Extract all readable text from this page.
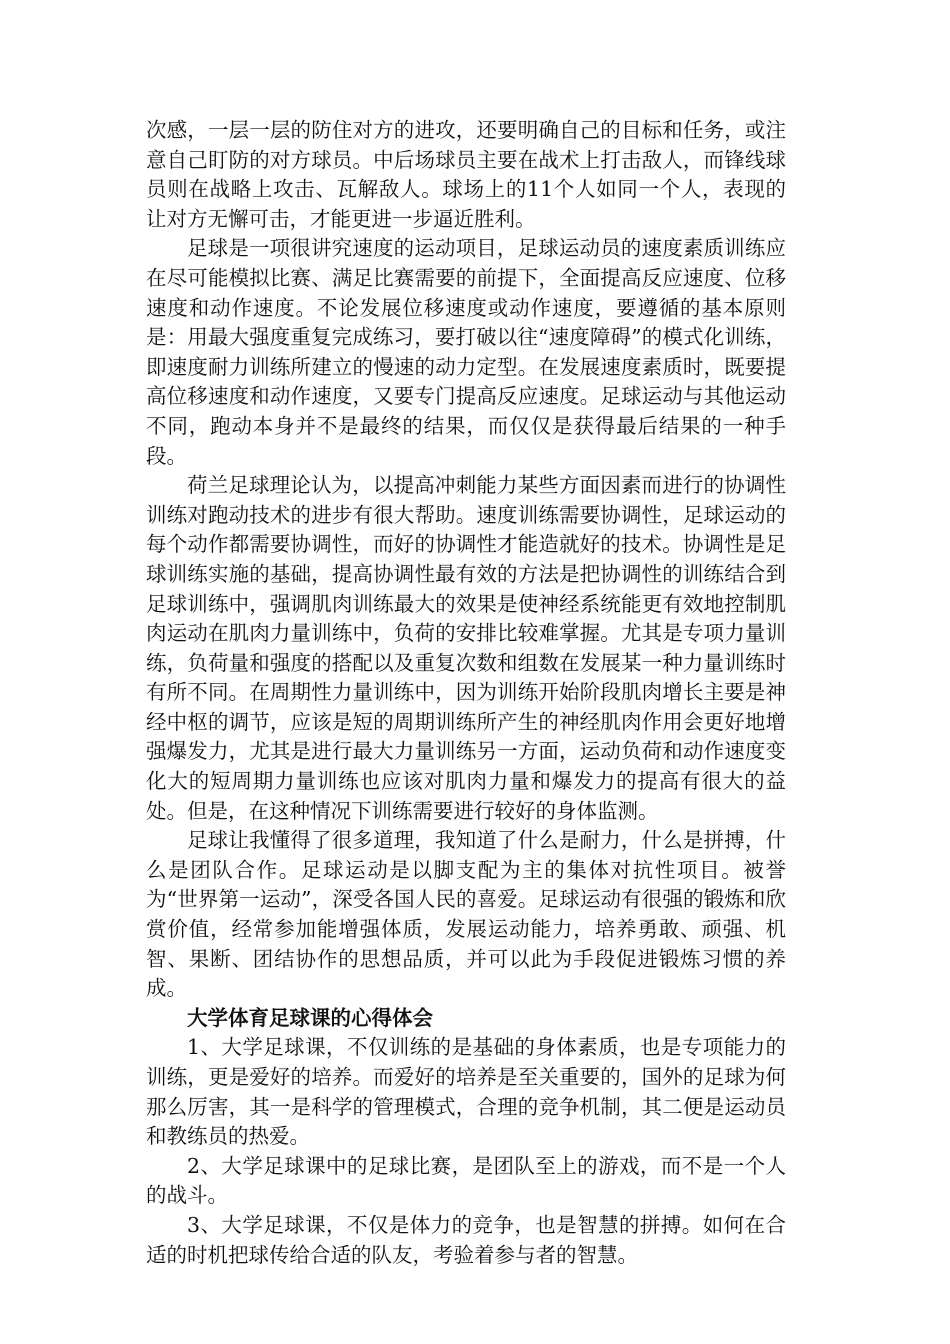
次感，一层一层的防住对方的进攻，还要明确自己的目标和任务，或注意自己盯防的对方球员。中后场球员主要在战术上打击敌人，而锋线球员则在战略上攻击、瓦解敌人。球场上的11个人如同一个人，表现的让对方无懈可击，才能更进一步逼近胜利。

足球是一项很讲究速度的运动项目，足球运动员的速度素质训练应在尽可能模拟比赛、满足比赛需要的前提下，全面提高反应速度、位移速度和动作速度。不论发展位移速度或动作速度，要遵循的基本原则是：用最大强度重复完成练习，要打破以往“速度障碍”的模式化训练，即速度耐力训练所建立的慢速的动力定型。在发展速度素质时，既要提高位移速度和动作速度，又要专门提高反应速度。足球运动与其他运动不同，跑动本身并不是最终的结果，而仅仅是获得最后结果的一种手段。

荷兰足球理论认为，以提高冲刺能力某些方面因素而进行的协调性训练对跑动技术的进步有很大帮助。速度训练需要协调性，足球运动的每个动作都需要协调性，而好的协调性才能造就好的技术。协调性是足球训练实施的基础，提高协调性最有效的方法是把协调性的训练结合到足球训练中，强调肌肉训练最大的效果是使神经系统能更有效地控制肌肉运动在肌肉力量训练中，负荷的安排比较难掌握。尤其是专项力量训练，负荷量和强度的搭配以及重复次数和组数在发展某一种力量训练时有所不同。在周期性力量训练中，因为训练开始阶段肌肉增长主要是神经中枢的调节，应该是短的周期训练所产生的神经肌肉作用会更好地增强爆发力，尤其是进行最大力量训练另一方面，运动负荷和动作速度变化大的短周期力量训练也应该对肌肉力量和爆发力的提高有很大的益处。但是，在这种情况下训练需要进行较好的身体监测。

足球让我懂得了很多道理，我知道了什么是耐力，什么是拼搏，什么是团队合作。足球运动是以脚支配为主的集体对抗性项目。被誉为“世界第一运动”，深受各国人民的喜爱。足球运动有很强的锻炼和欣赏价值，经常参加能增强体质，发展运动能力，培养勇敢、顽强、机智、果断、团结协作的思想品质，并可以此为手段促进锻炼习惯的养成。

大学体育足球课的心得体会

1、大学足球课，不仅训练的是基础的身体素质，也是专项能力的训练，更是爱好的培养。而爱好的培养是至关重要的，国外的足球为何那么厉害，其一是科学的管理模式，合理的竞争机制，其二便是运动员和教练员的热爱。

2、大学足球课中的足球比赛，是团队至上的游戏，而不是一个人的战斗。

3、大学足球课，不仅是体力的竞争，也是智慧的拼搏。如何在合适的时机把球传给合适的队友，考验着参与者的智慧。
